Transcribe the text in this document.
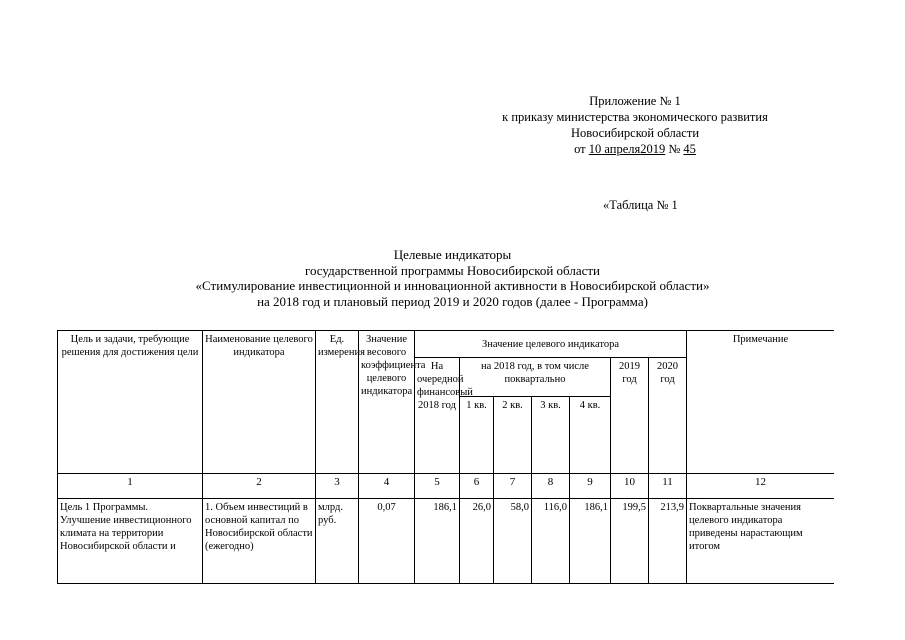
Приложение № 1
к приказу министерства экономического развития
Новосибирской области
от 10 апреля2019 № 45
«Таблица № 1
Целевые индикаторы
государственной программы Новосибирской области
«Стимулирование инвестиционной и инновационной активности в Новосибирской области»
на 2018 год и плановый период 2019 и 2020 годов (далее - Программа)
Цель и задачи, требующие решения для достижения цели	Наименование целевого индикатора	Ед. измерения	Значение весового коэффициента целевого индикатора	Значение целевого индикатора							Примечание
				На очередной финансовый 2018 год	на 2018 год, в том числе поквартально				2019 год	2020 год	
					1 кв.	2 кв.	3 кв.	4 кв.			
1	2	3	4	5	6	7	8	9	10	11	12
Цель 1 Программы. Улучшение инвестиционного климата на территории Новосибирской области и	1. Объем инвестиций в основной капитал по Новосибирской области (ежегодно)	млрд. руб.	0,07	186,1	26,0	58,0	116,0	186,1	199,5	213,9	Поквартальные значения целевого индикатора приведены нарастающим итогом
